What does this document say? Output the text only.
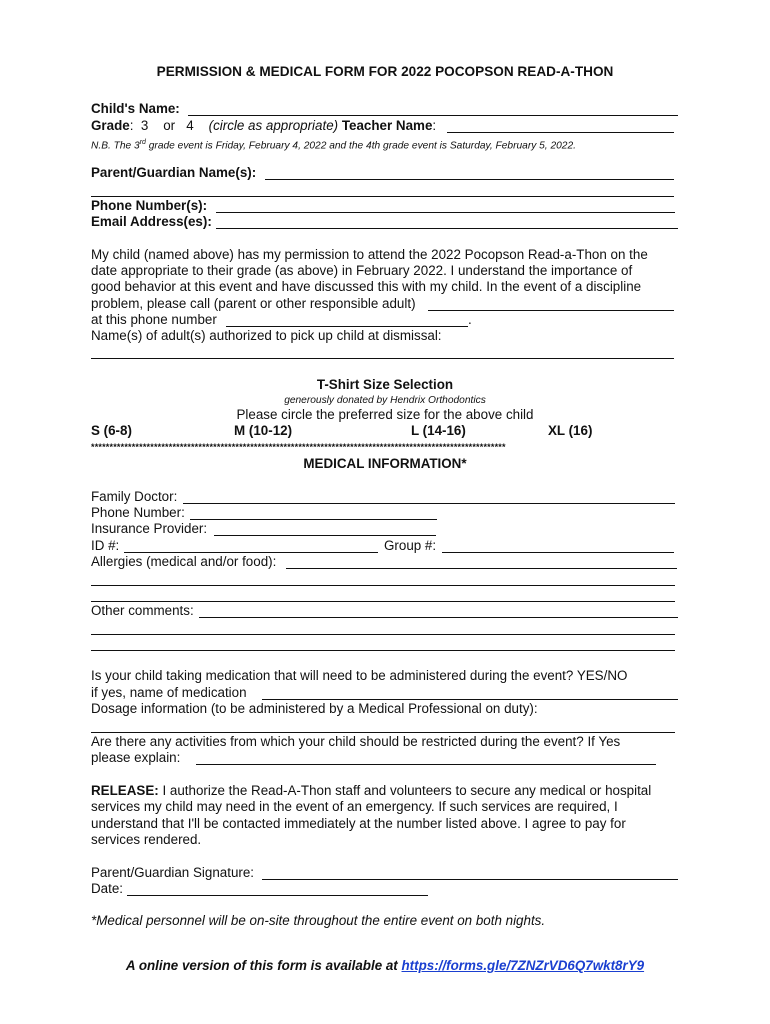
PERMISSION & MEDICAL FORM FOR 2022 POCOPSON READ-A-THON
Child's Name:
Grade:  3    or   4 (circle as appropriate) Teacher Name:
N.B. The 3rd grade event is Friday, February 4, 2022 and the 4th grade event is Saturday, February 5, 2022.
Parent/Guardian Name(s):
Phone Number(s):
Email Address(es):
My child (named above) has my permission to attend the 2022 Pocopson Read-a-Thon on the
date appropriate to their grade (as above) in February 2022. I understand the importance of
good behavior at this event and have discussed this with my child. In the event of a discipline
problem, please call (parent or other responsible adult)
at this phone number	.
Name(s) of adult(s) authorized to pick up child at dismissal:
T-Shirt Size Selection
generously donated by Hendrix Orthodontics
Please circle the preferred size for the above child
S (6-8)	M (10-12)	L (14-16)	XL (16)
****************************************************************************************************************
MEDICAL INFORMATION*
Family Doctor:
Phone Number:
Insurance Provider:
ID #:	Group #:
Allergies (medical and/or food):
Other comments:
Is your child taking medication that will need to be administered during the event? YES/NO
if yes, name of medication
Dosage information (to be administered by a Medical Professional on duty):
Are there any activities from which your child should be restricted during the event? If Yes
please explain:
RELEASE: I authorize the Read-A-Thon staff and volunteers to secure any medical or hospital
services my child may need in the event of an emergency. If such services are required, I
understand that I'll be contacted immediately at the number listed above. I agree to pay for
services rendered.
Parent/Guardian Signature:
Date:
*Medical personnel will be on-site throughout the entire event on both nights.
A online version of this form is available at https://forms.gle/7ZNZrVD6Q7wkt8rY9
